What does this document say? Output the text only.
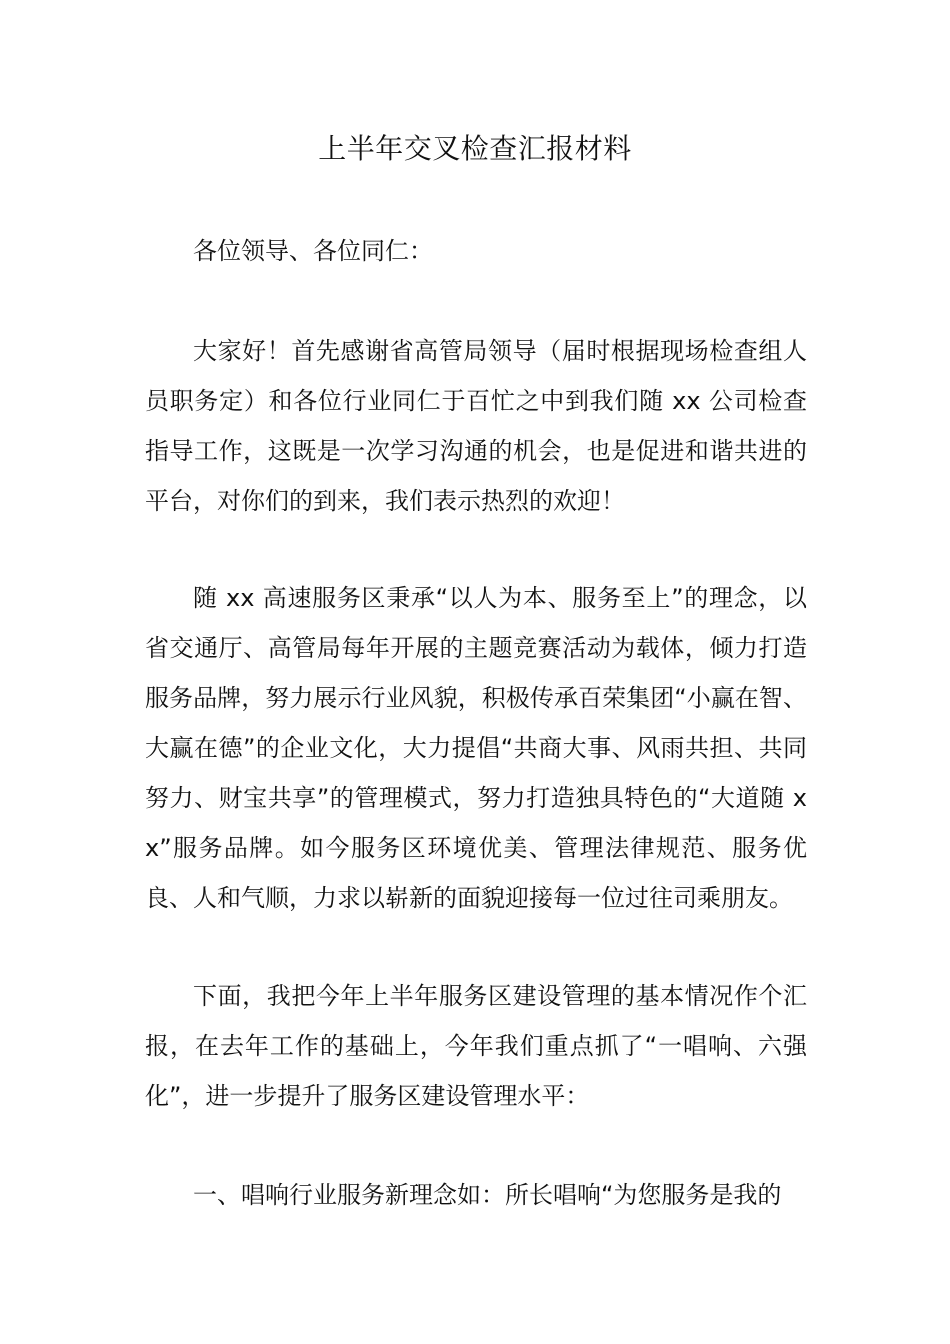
上半年交叉检查汇报材料

各位领导、各位同仁：

大家好！首先感谢省高管局领导（届时根据现场检查组人员职务定）和各位行业同仁于百忙之中到我们随 xx 公司检查指导工作，这既是一次学习沟通的机会，也是促进和谐共进的平台，对你们的到来，我们表示热烈的欢迎！

随 xx 高速服务区秉承“以人为本、服务至上”的理念，以省交通厅、高管局每年开展的主题竞赛活动为载体，倾力打造服务品牌，努力展示行业风貌，积极传承百荣集团“小赢在智、大赢在德”的企业文化，大力提倡“共商大事、风雨共担、共同努力、财宝共享”的管理模式，努力打造独具特色的“大道随 xx”服务品牌。如今服务区环境优美、管理法律规范、服务优良、人和气顺，力求以崭新的面貌迎接每一位过往司乘朋友。

下面，我把今年上半年服务区建设管理的基本情况作个汇报，在去年工作的基础上，今年我们重点抓了“一唱响、六强化”，进一步提升了服务区建设管理水平：

一、唱响行业服务新理念如：所长唱响“为您服务是我的
